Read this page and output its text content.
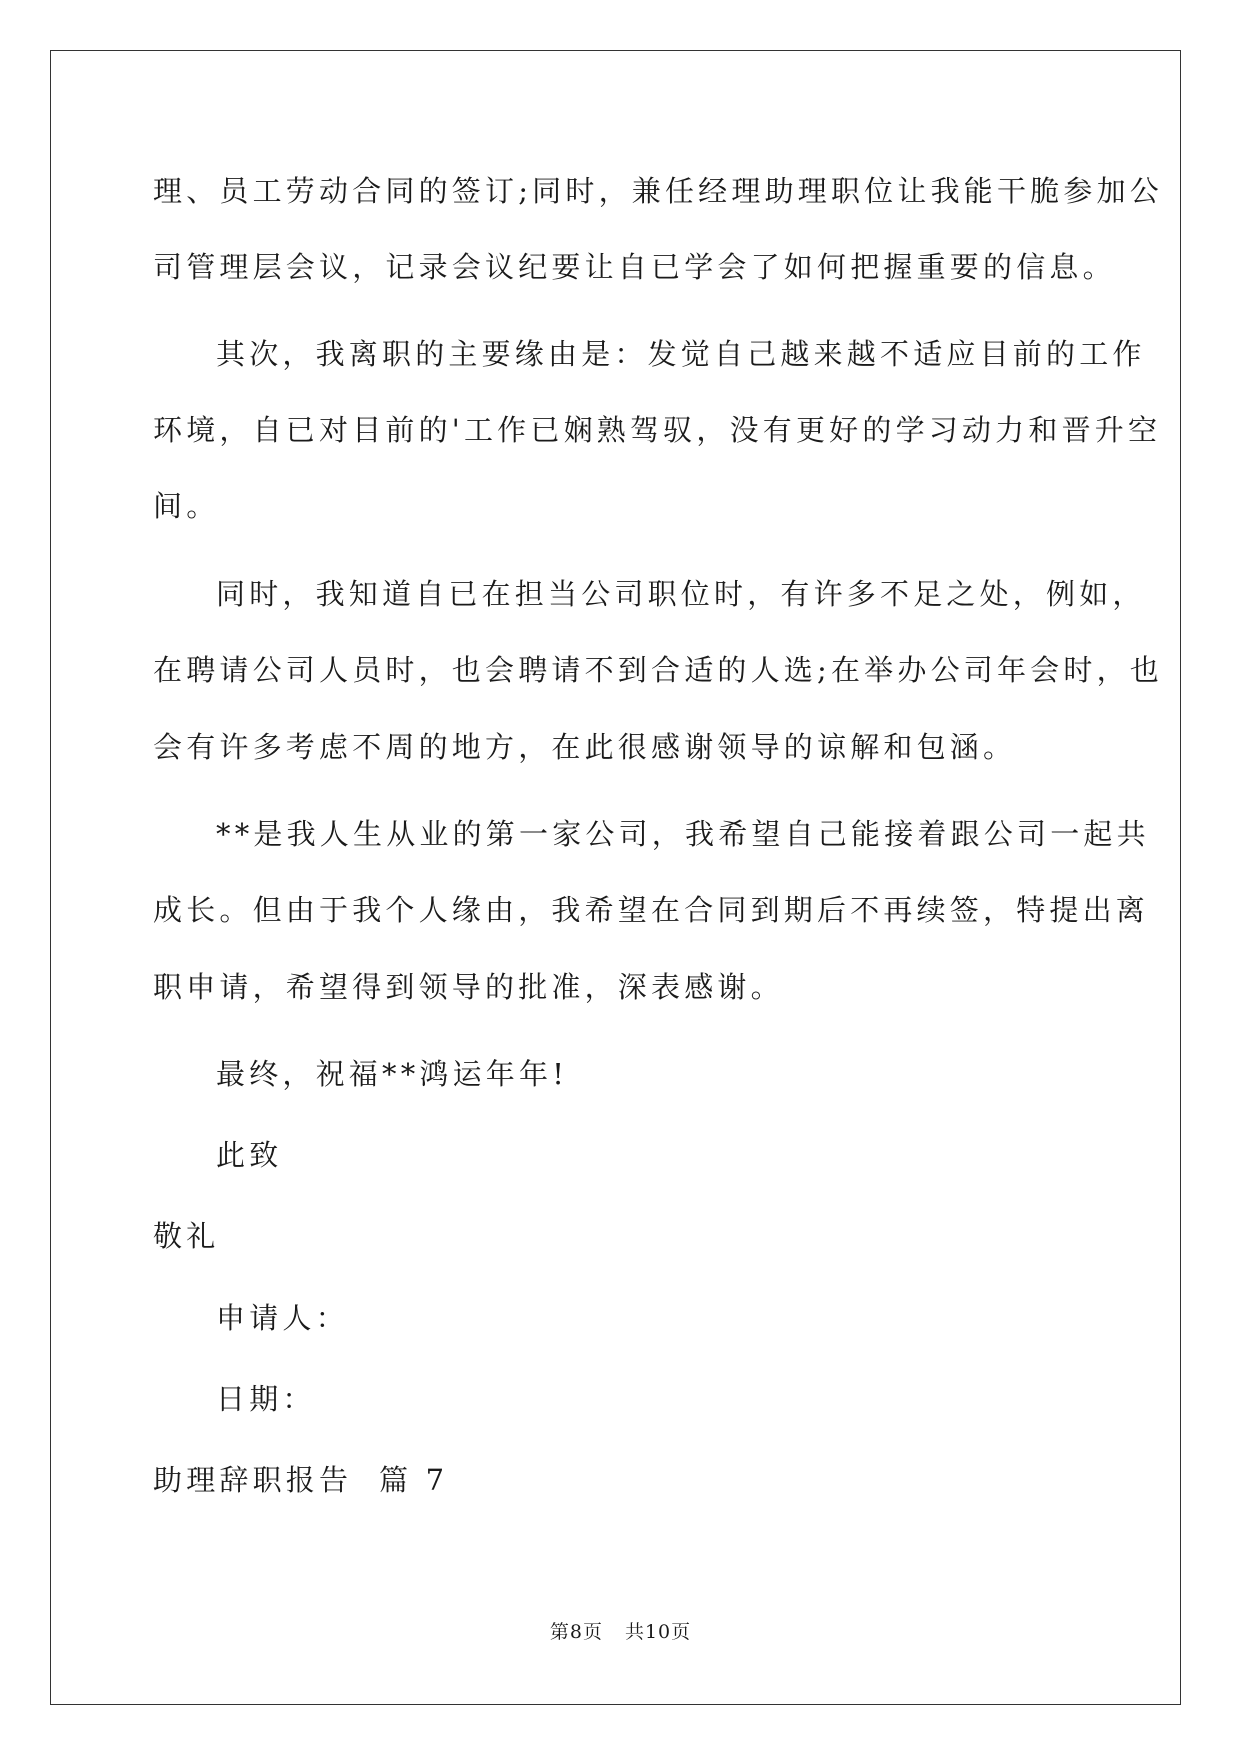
理、员工劳动合同的签订;同时，兼任经理助理职位让我能干脆参加公
司管理层会议，记录会议纪要让自已学会了如何把握重要的信息。
其次，我离职的主要缘由是：发觉自己越来越不适应目前的工作
环境，自已对目前的'工作已娴熟驾驭，没有更好的学习动力和晋升空
间。
同时，我知道自已在担当公司职位时，有许多不足之处，例如，
在聘请公司人员时，也会聘请不到合适的人选;在举办公司年会时，也
会有许多考虑不周的地方，在此很感谢领导的谅解和包涵。
**是我人生从业的第一家公司，我希望自己能接着跟公司一起共
成长。但由于我个人缘由，我希望在合同到期后不再续签，特提出离
职申请，希望得到领导的批准，深表感谢。
最终，祝福**鸿运年年!
此致
敬礼
申请人：
日期：
助理辞职报告  篇 7
第8页 共10页
